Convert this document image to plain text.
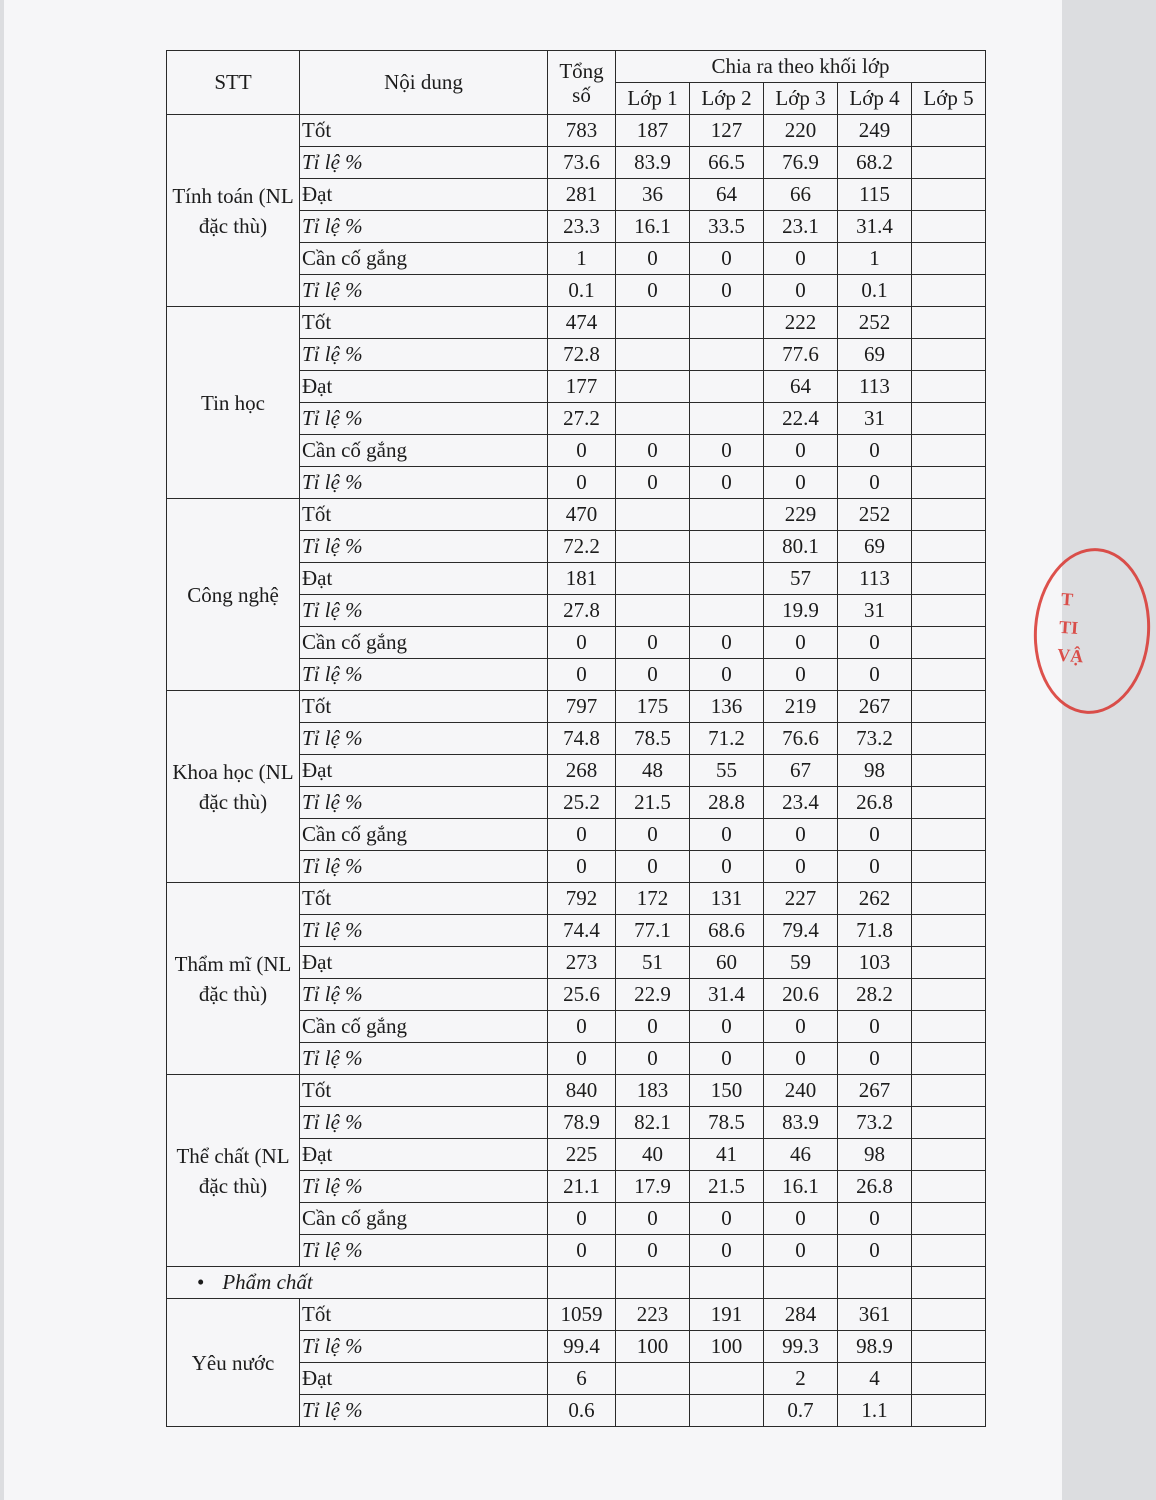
T
TI
VẬ
STT	Nội dung	Tổng số	Chia ra theo khối lớp				
			Lớp 1	Lớp 2	Lớp 3	Lớp 4	Lớp 5
Tính toán (NL đặc thù)	Tốt	783	187	127	220	249	
	Tỉ lệ %	73.6	83.9	66.5	76.9	68.2	
	Đạt	281	36	64	66	115	
	Tỉ lệ %	23.3	16.1	33.5	23.1	31.4	
	Cần cố gắng	1	0	0	0	1	
	Tỉ lệ %	0.1	0	0	0	0.1	
Tin học	Tốt	474			222	252	
	Tỉ lệ %	72.8			77.6	69	
	Đạt	177			64	113	
	Tỉ lệ %	27.2			22.4	31	
	Cần cố gắng	0	0	0	0	0	
	Tỉ lệ %	0	0	0	0	0	
Công nghệ	Tốt	470			229	252	
	Tỉ lệ %	72.2			80.1	69	
	Đạt	181			57	113	
	Tỉ lệ %	27.8			19.9	31	
	Cần cố gắng	0	0	0	0	0	
	Tỉ lệ %	0	0	0	0	0	
Khoa học (NL đặc thù)	Tốt	797	175	136	219	267	
	Tỉ lệ %	74.8	78.5	71.2	76.6	73.2	
	Đạt	268	48	55	67	98	
	Tỉ lệ %	25.2	21.5	28.8	23.4	26.8	
	Cần cố gắng	0	0	0	0	0	
	Tỉ lệ %	0	0	0	0	0	
Thẩm mĩ (NL đặc thù)	Tốt	792	172	131	227	262	
	Tỉ lệ %	74.4	77.1	68.6	79.4	71.8	
	Đạt	273	51	60	59	103	
	Tỉ lệ %	25.6	22.9	31.4	20.6	28.2	
	Cần cố gắng	0	0	0	0	0	
	Tỉ lệ %	0	0	0	0	0	
Thể chất (NL đặc thù)	Tốt	840	183	150	240	267	
	Tỉ lệ %	78.9	82.1	78.5	83.9	73.2	
	Đạt	225	40	41	46	98	
	Tỉ lệ %	21.1	17.9	21.5	16.1	26.8	
	Cần cố gắng	0	0	0	0	0	
	Tỉ lệ %	0	0	0	0	0	
• Phẩm chất							
Yêu nước	Tốt	1059	223	191	284	361	
	Tỉ lệ %	99.4	100	100	99.3	98.9	
	Đạt	6			2	4	
	Tỉ lệ %	0.6			0.7	1.1	
